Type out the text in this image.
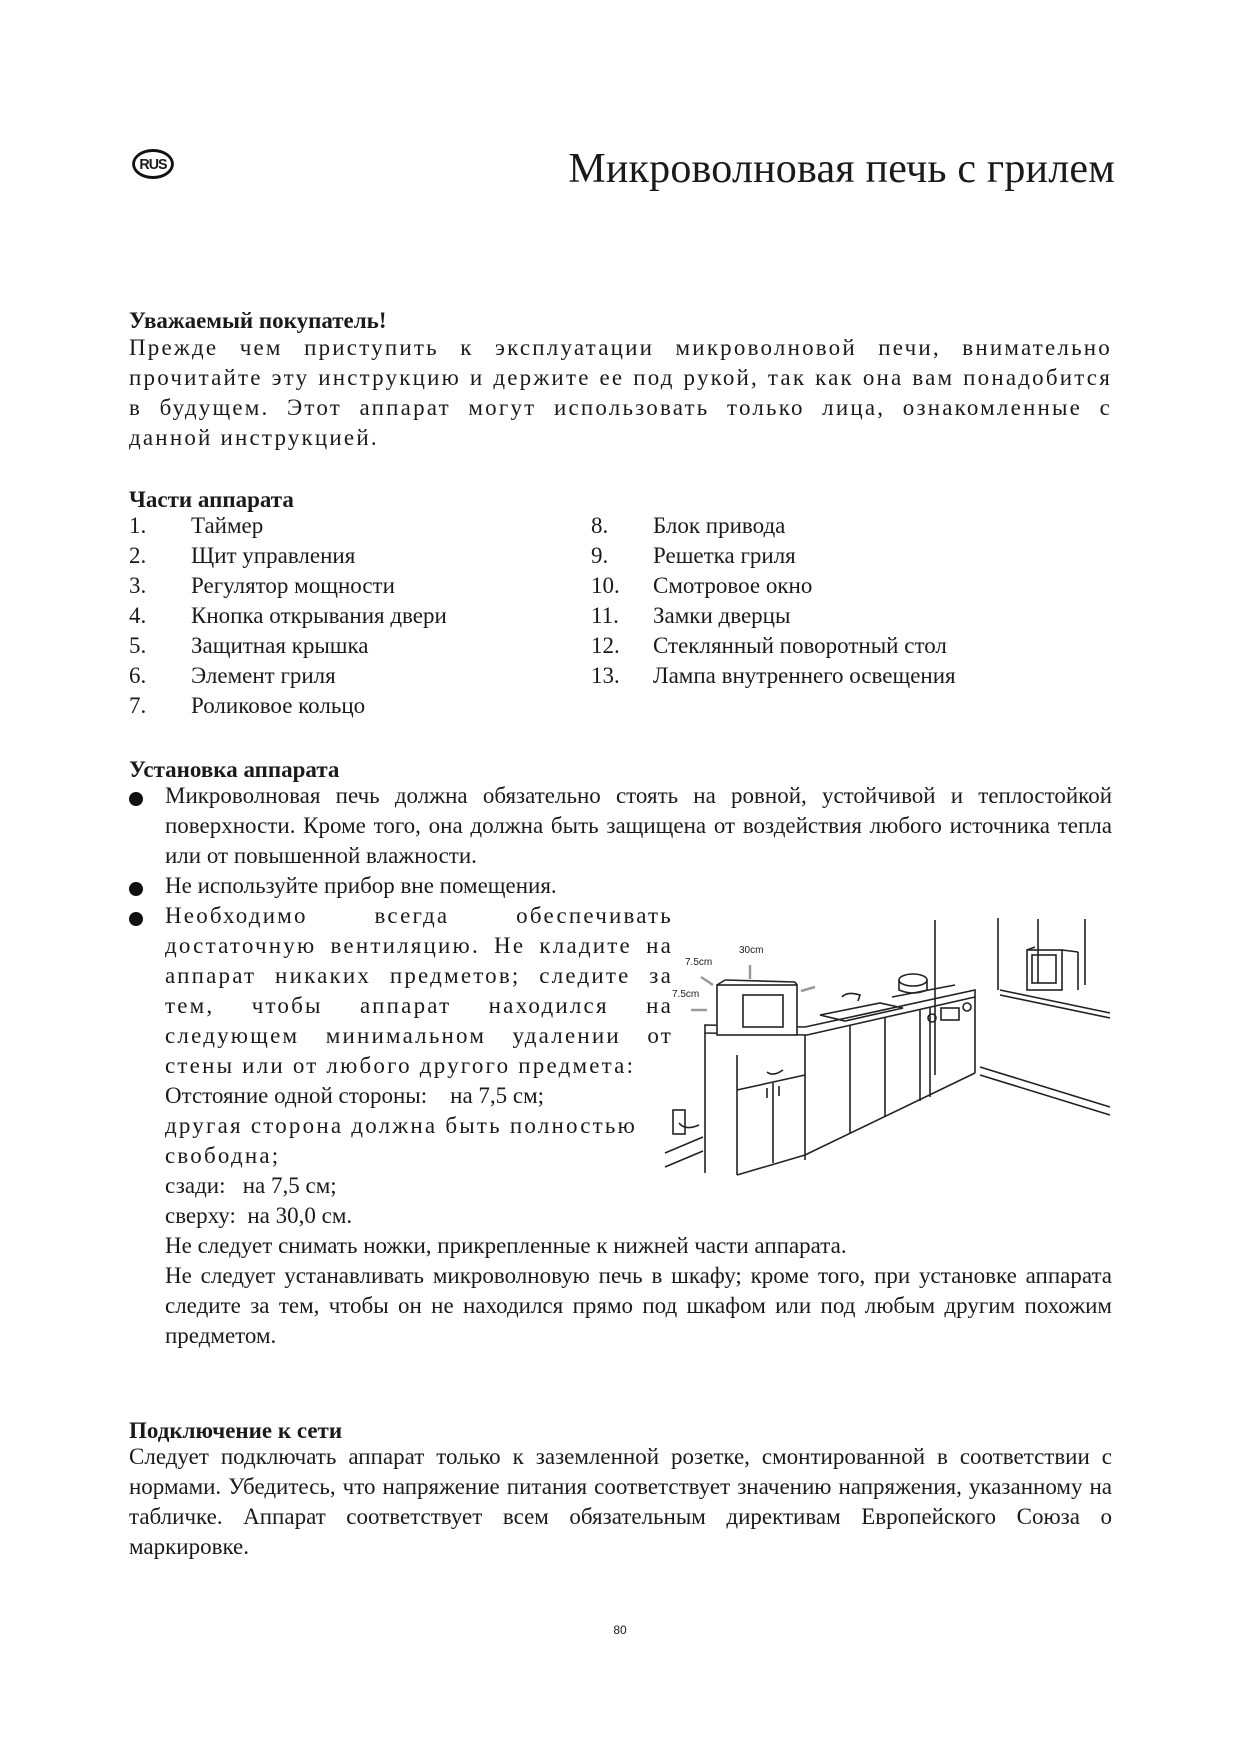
RUS	Микроволновая печь с грилем
Уважаемый покупатель!

Прежде чем приступить к эксплуатации микроволновой печи, внимательно прочитайте эту инструкцию и держите ее под рукой, так как она вам понадобится в будущем. Этот аппарат могут использовать только лица, ознакомленные с данной инструкцией.

Части аппарата
1.	Таймер
2.	Щит управления
3.	Регулятор мощности
4.	Кнопка открывания двери
5.	Защитная крышка
6.	Элемент гриля
7.	Роликовое кольцо
8.	Блок привода
9.	Решетка гриля
10.	Смотровое окно
11.	Замки дверцы
12.	Стеклянный поворотный стол
13.	Лампа внутреннего освещения
Установка аппарата
Микроволновая печь должна обязательно стоять на ровной, устойчивой и теплостойкой поверхности. Кроме того, она должна быть защищена от воздействия любого источника тепла или от повышенной влажности.
Не используйте прибор вне помещения.
Необходимо всегда обеспечивать достаточную вентиляцию. Не кладите на аппарат никаких предметов; следите за тем, чтобы аппарат находился на следующем минимальном удалении от стены или от любого другого предмета:

Отстояние одной стороны:    на 7,5 см;

другая сторона должна быть полностью свободна;

сзади:   на 7,5 см;

сверху:  на 30,0 см.

Не следует снимать ножки, прикрепленные к нижней части аппарата.

Не следует устанавливать микроволновую печь в шкафу; кроме того, при установке аппарата следите за тем, чтобы он не находился прямо под шкафом или под любым другим похожим предметом.

30cm
7.5cm
7.5cm
Подключение к сети

Следует подключать аппарат только к заземленной розетке, смонтированной в соответствии с нормами. Убедитесь, что напряжение питания соответствует значению напряжения, указанному на табличке. Аппарат соответствует всем обязательным директивам Европейского Союза о маркировке.

80
